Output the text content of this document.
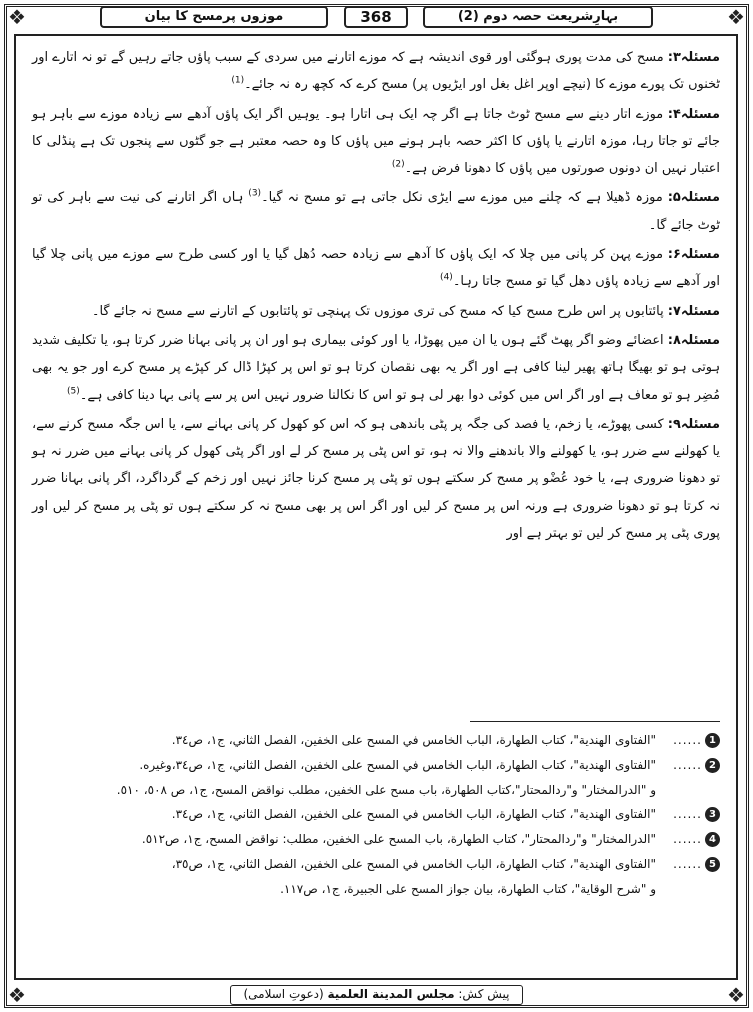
❖	❖
❖	❖
بہارِشریعت حصہ دوم (2)
368
موزوں پرمسح کا بیان

مسئلہ۳: مسح کی مدت پوری ہوگئی اور قوی اندیشہ ہے کہ موزے اتارنے میں سردی کے سبب پاؤں جاتے رہیں گے تو نہ اتارے اور ٹخنوں تک پورے موزے کا (نیچے اوپر اغل بغل اور ایڑیوں پر) مسح کرے کہ کچھ رہ نہ جائے۔$^{(1)}$

مسئلہ۴: موزے اتار دینے سے مسح ٹوٹ جاتا ہے اگر چہ ایک ہی اتارا ہو۔ یوہیں اگر ایک پاؤں آدھے سے زیادہ موزے سے باہر ہو جائے تو جاتا رہا، موزہ اتارنے یا پاؤں کا اکثر حصہ باہر ہونے میں پاؤں کا وہ حصہ معتبر ہے جو گٹوں سے پنجوں تک ہے پنڈلی کا اعتبار نہیں ان دونوں صورتوں میں پاؤں کا دھونا فرض ہے۔$^{(2)}$

مسئلہ۵: موزہ ڈھیلا ہے کہ چلنے میں موزے سے ایڑی نکل جاتی ہے تو مسح نہ گیا۔$^{(3)}$ ہاں اگر اتارنے کی نیت سے باہر کی تو ٹوٹ جائے گا۔

مسئلہ۶: موزے پہن کر پانی میں چلا کہ ایک پاؤں کا آدھے سے زیادہ حصہ دُھل گیا یا اور کسی طرح سے موزے میں پانی چلا گیا اور آدھے سے زیادہ پاؤں دھل گیا تو مسح جاتا رہا۔$^{(4)}$

مسئلہ۷: پائتابوں پر اس طرح مسح کیا کہ مسح کی تری موزوں تک پہنچی تو پائتابوں کے اتارنے سے مسح نہ جائے گا۔

مسئلہ۸: اعضائے وضو اگر پھٹ گئے ہوں یا ان میں پھوڑا، یا اور کوئی بیماری ہو اور ان پر پانی بہانا ضرر کرتا ہو، یا تکلیف شدید ہوتی ہو تو بھیگا ہاتھ پھیر لینا کافی ہے اور اگر یہ بھی نقصان کرتا ہو تو اس پر کپڑا ڈال کر کپڑے پر مسح کرے اور جو یہ بھی مُضِر ہو تو معاف ہے اور اگر اس میں کوئی دوا بھر لی ہو تو اس کا نکالنا ضرور نہیں اس پر سے پانی بہا دینا کافی ہے۔$^{(5)}$

مسئلہ۹: کسی پھوڑے، یا زخم، یا فصد کی جگہ پر پٹی باندھی ہو کہ اس کو کھول کر پانی بہانے سے، یا اس جگہ مسح کرنے سے، یا کھولنے سے ضرر ہو، یا کھولنے والا باندھنے والا نہ ہو، تو اس پٹی پر مسح کر لے اور اگر پٹی کھول کر پانی بہانے میں ضرر نہ ہو تو دھونا ضروری ہے، یا خود عُضْو پر مسح کر سکتے ہوں تو پٹی پر مسح کرنا جائز نہیں اور زخم کے گرداگرد، اگر پانی بہانا ضرر نہ کرتا ہو تو دھونا ضروری ہے ورنہ اس پر مسح کر لیں اور اگر اس پر بھی مسح نہ کر سکتے ہوں تو پٹی پر مسح کر لیں اور پوری پٹی پر مسح کر لیں تو بہتر ہے اور

1
......
"الفتاوى الهندية"، كتاب الطهارة، الباب الخامس في المسح على الخفين، الفصل الثاني، ج١، ص٣٤.
2
......
"الفتاوى الهندية"، كتاب الطهارة، الباب الخامس في المسح على الخفين، الفصل الثاني، ج١، ص٣٤،وغيره.
و "الدرالمختار" و"ردالمحتار"،كتاب الطهارة، باب مسح على الخفين، مطلب نواقض المسح، ج١، ص ٥٠٨، ٥١٠.
3
......
"الفتاوى الهندية"، كتاب الطهارة، الباب الخامس في المسح على الخفين، الفصل الثاني، ج١، ص٣٤.
4
......
"الدرالمختار" و"ردالمحتار"، كتاب الطهارة، باب المسح على الخفين، مطلب: نواقض المسح، ج١، ص٥١٢.
5
......
"الفتاوى الهندية"، كتاب الطهارة، الباب الخامس في المسح على الخفين، الفصل الثاني، ج١، ص٣٥،
و "شرح الوقاية"، كتاب الطهارة، بيان جواز المسح على الجبيرة، ج١، ص١١٧.
پیش کش: مجلس المدينة العلمية (دعوتِ اسلامی)
